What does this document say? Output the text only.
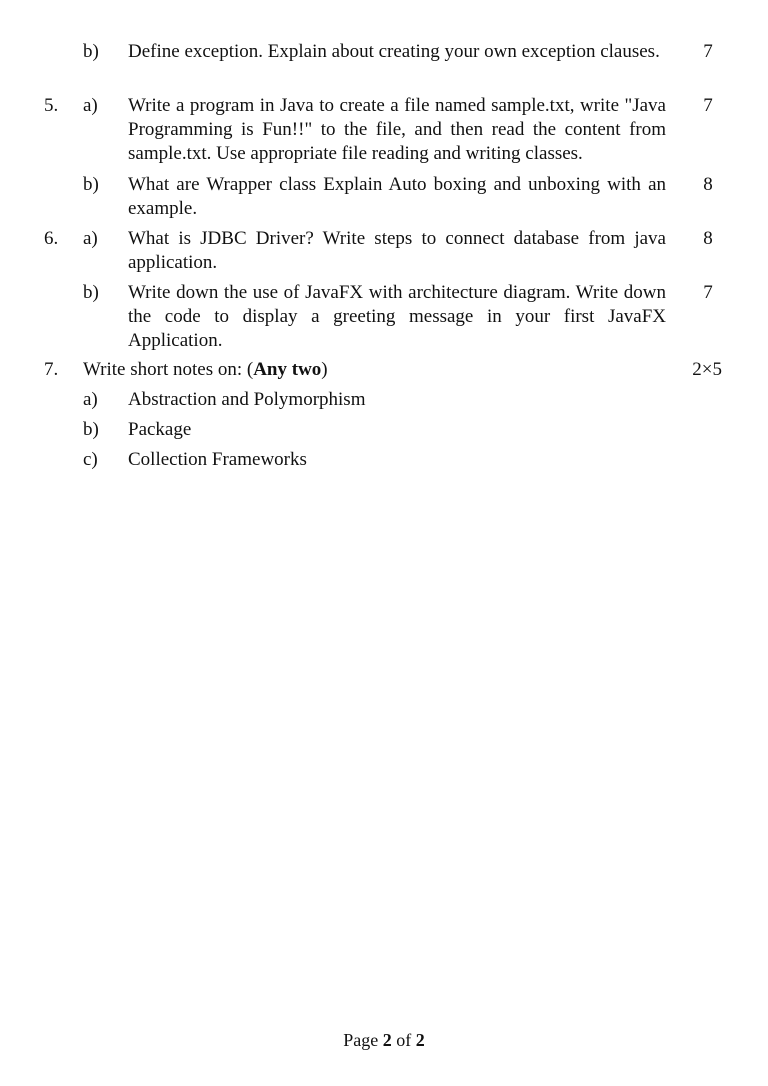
b) Define exception. Explain about creating your own exception clauses.	7
5. a) Write a program in Java to create a file named sample.txt, write "Java Programming is Fun!!" to the file, and then read the content from sample.txt. Use appropriate file reading and writing classes.
7
b) What are Wrapper class Explain Auto boxing and unboxing with an example.
8
6. a) What is JDBC Driver? Write steps to connect database from java application.
8
b) Write down the use of JavaFX with architecture diagram. Write down the code to display a greeting message in your first JavaFX Application.
7
7. Write short notes on: (Any two)	2×5
a) Abstraction and Polymorphism
b) Package
c) Collection Frameworks
Page 2 of 2
